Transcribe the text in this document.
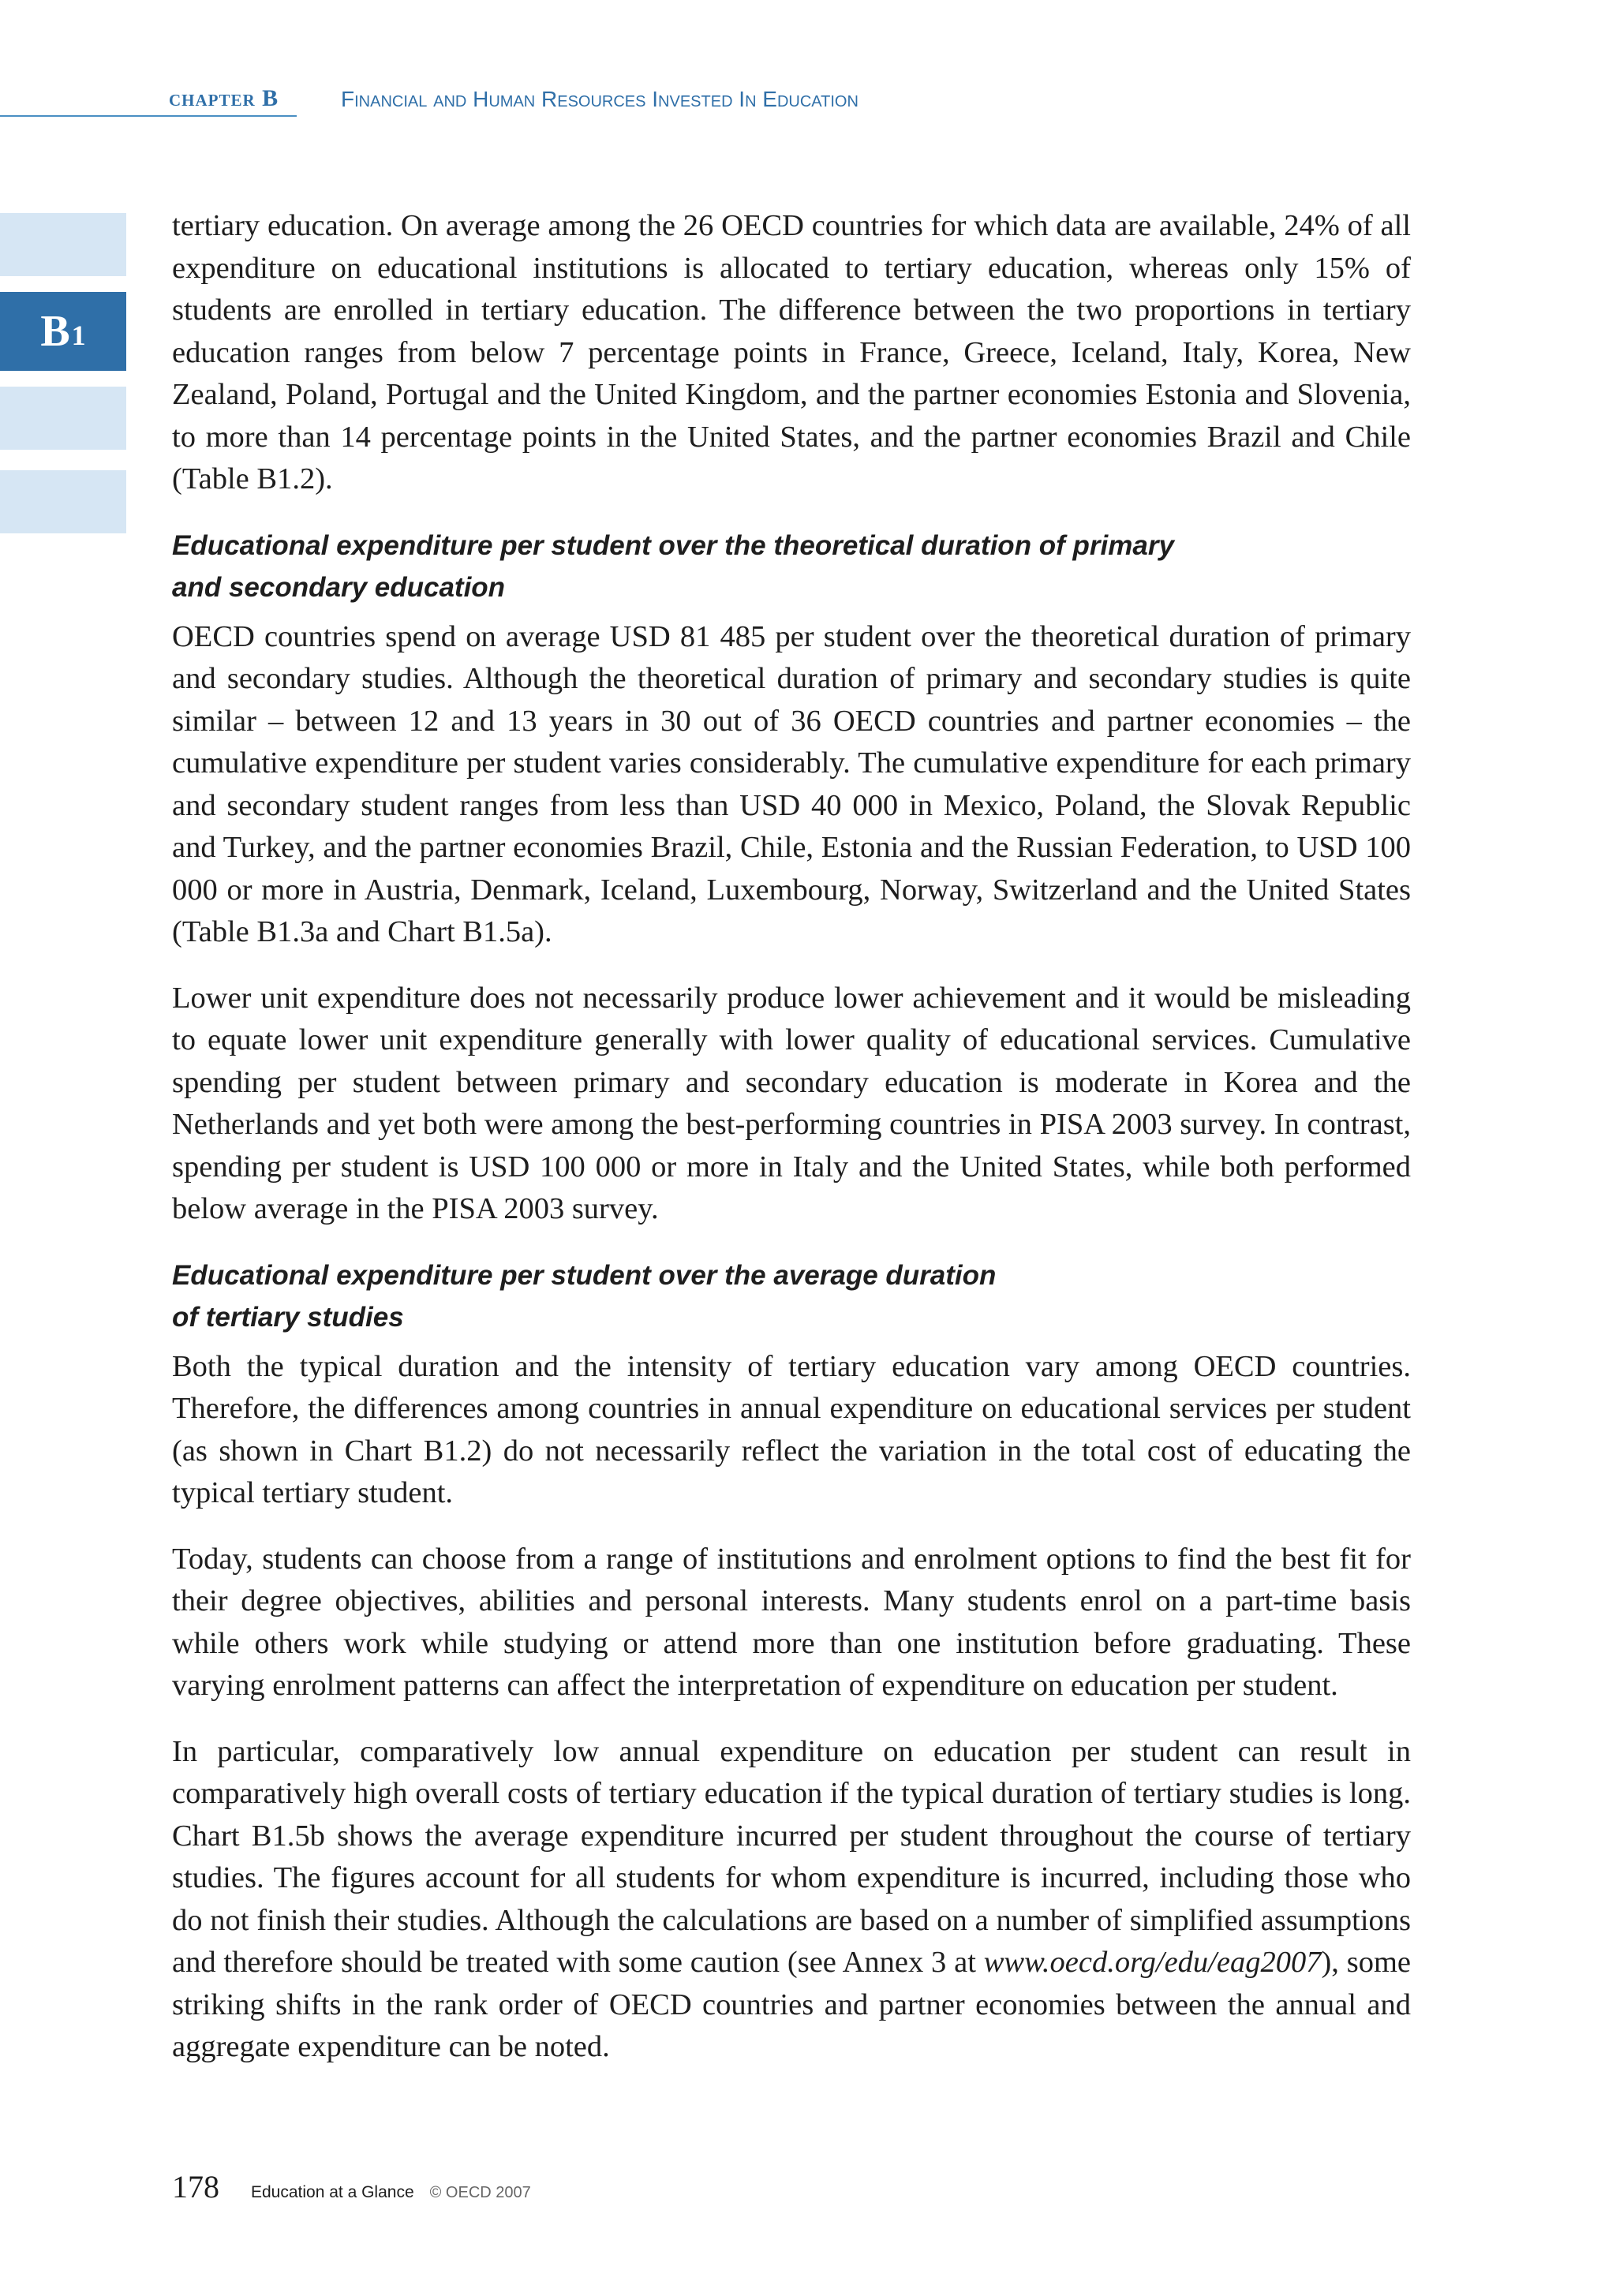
chapter B	Financial and Human Resources Invested In Education
B 1

tertiary education. On average among the 26 OECD countries for which data are available, 24% of all expenditure on educational institutions is allocated to tertiary education, whereas only 15% of students are enrolled in tertiary education. The difference between the two proportions in tertiary education ranges from below 7 percentage points in France, Greece, Iceland, Italy, Korea, New Zealand, Poland, Portugal and the United Kingdom, and the partner economies Estonia and Slovenia, to more than 14 percentage points in the United States, and the partner economies Brazil and Chile (Table B1.2).

Educational expenditure per student over the theoretical duration of primary
and secondary education

OECD countries spend on average USD 81 485 per student over the theoretical duration of primary and secondary studies. Although the theoretical duration of primary and secondary studies is quite similar – between 12 and 13 years in 30 out of 36 OECD countries and partner economies – the cumulative expenditure per student varies considerably. The cumulative expenditure for each primary and secondary student ranges from less than USD 40 000 in Mexico, Poland, the Slovak Republic and Turkey, and the partner economies Brazil, Chile, Estonia and the Russian Federation, to USD 100 000 or more in Austria, Denmark, Iceland, Luxembourg, Norway, Switzerland and the United States (Table B1.3a and Chart B1.5a).

Lower unit expenditure does not necessarily produce lower achievement and it would be misleading to equate lower unit expenditure generally with lower quality of educational services. Cumulative spending per student between primary and secondary education is moderate in Korea and the Netherlands and yet both were among the best-performing countries in PISA 2003 survey. In contrast, spending per student is USD 100 000 or more in Italy and the United States, while both performed below average in the PISA 2003 survey.

Educational expenditure per student over the average duration
of tertiary studies

Both the typical duration and the intensity of tertiary education vary among OECD countries. Therefore, the differences among countries in annual expenditure on educational services per student (as shown in Chart B1.2) do not necessarily reflect the variation in the total cost of educating the typical tertiary student.

Today, students can choose from a range of institutions and enrolment options to find the best fit for their degree objectives, abilities and personal interests. Many students enrol on a part-time basis while others work while studying or attend more than one institution before graduating. These varying enrolment patterns can affect the interpretation of expenditure on education per student.

In particular, comparatively low annual expenditure on education per student can result in comparatively high overall costs of tertiary education if the typical duration of tertiary studies is long. Chart B1.5b shows the average expenditure incurred per student throughout the course of tertiary studies. The figures account for all students for whom expenditure is incurred, including those who do not finish their studies. Although the calculations are based on a number of simplified assumptions and therefore should be treated with some caution (see Annex 3 at www.oecd.org/edu/eag2007), some striking shifts in the rank order of OECD countries and partner economies between the annual and aggregate expenditure can be noted.

178 Education at a Glance © OECD 2007
